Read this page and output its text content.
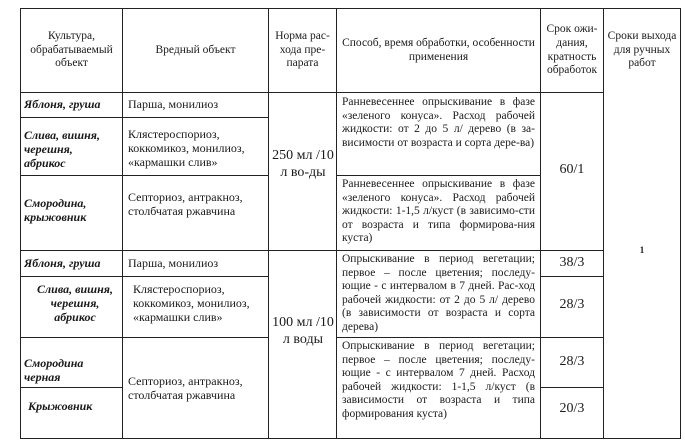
Культура, обрабатываемый объект
Вредный объект
Норма рас-хода пре-парата
Способ, время обработки, особенности применения
Срок ожи-дания, кратность обработок
Сроки выхода для ручных работ
Яблоня, груша
Слива, вишня, черешня, абрикос
Смородина, крыжовник
Яблоня, груша
Слива, вишня, черешня, абрикос
Смородина черная
Крыжовник
Парша, монилиоз
Клястероспориоз, коккомикоз, монилиоз, «кармашки слив»
Септориоз, антракноз, столбчатая ржавчина
Парша, монилиоз
Клястероспориоз, коккомикоз, монилиоз, «кармашки слив»
Септориоз, антракноз, столбчатая ржавчина
250 мл /10 л во-ды
100 мл /10 л воды
Ранневесеннее опрыскивание в фазе «зеленого конуса». Расход рабочей жидкости: от 2 до 5 л/ дерево (в за-висимости от возраста и сорта дере-ва)
Ранневесеннее опрыскивание в фазе «зеленого конуса». Расход рабочей жидкости: 1-1,5 л/куст (в зависимо-сти от возраста и типа формирова-ния куста)
Опрыскивание в период вегетации; первое – после цветения; последу-ющие - с интервалом в 7 дней. Рас-ход рабочей жидкости: от 2 до 5 л/ дерево (в зависимости от возраста и сорта дерева)
Опрыскивание в период вегетации; первое – после цветения; последу-ющие - с интервалом 7 дней. Расход рабочей жидкости: 1-1,5 л/куст (в зависимости от возраста и типа формирования куста)
60/1
38/3
28/3
28/3
20/3
1
